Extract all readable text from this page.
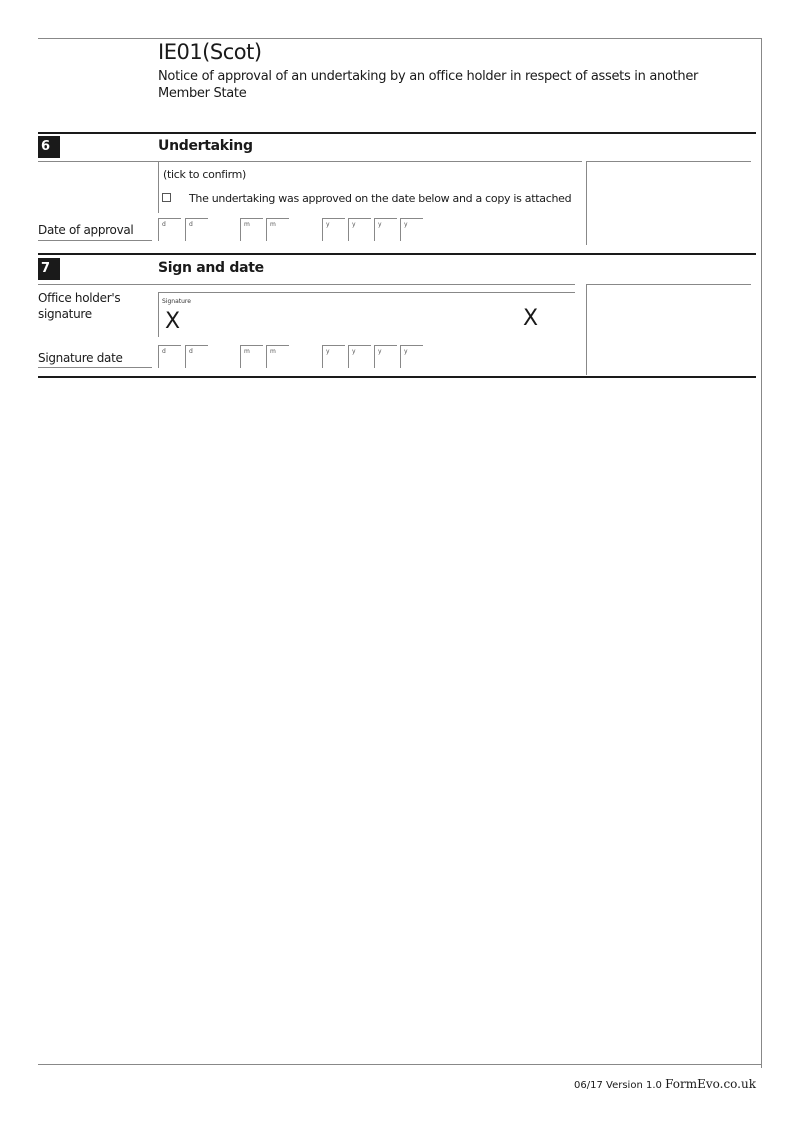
IE01(Scot)
Notice of approval of an undertaking by an office holder in respect of assets in another Member State
6	Undertaking
(tick to confirm)
The undertaking was approved on the date below and a copy is attached
Date of approval	d	d	m	m	y	y	y	y
7	Sign and date
Office holder's signature
Signature
X	X
Signature date	d	d	m	m	y	y	y	y
06/17 Version 1.0 FormEvo.co.uk
